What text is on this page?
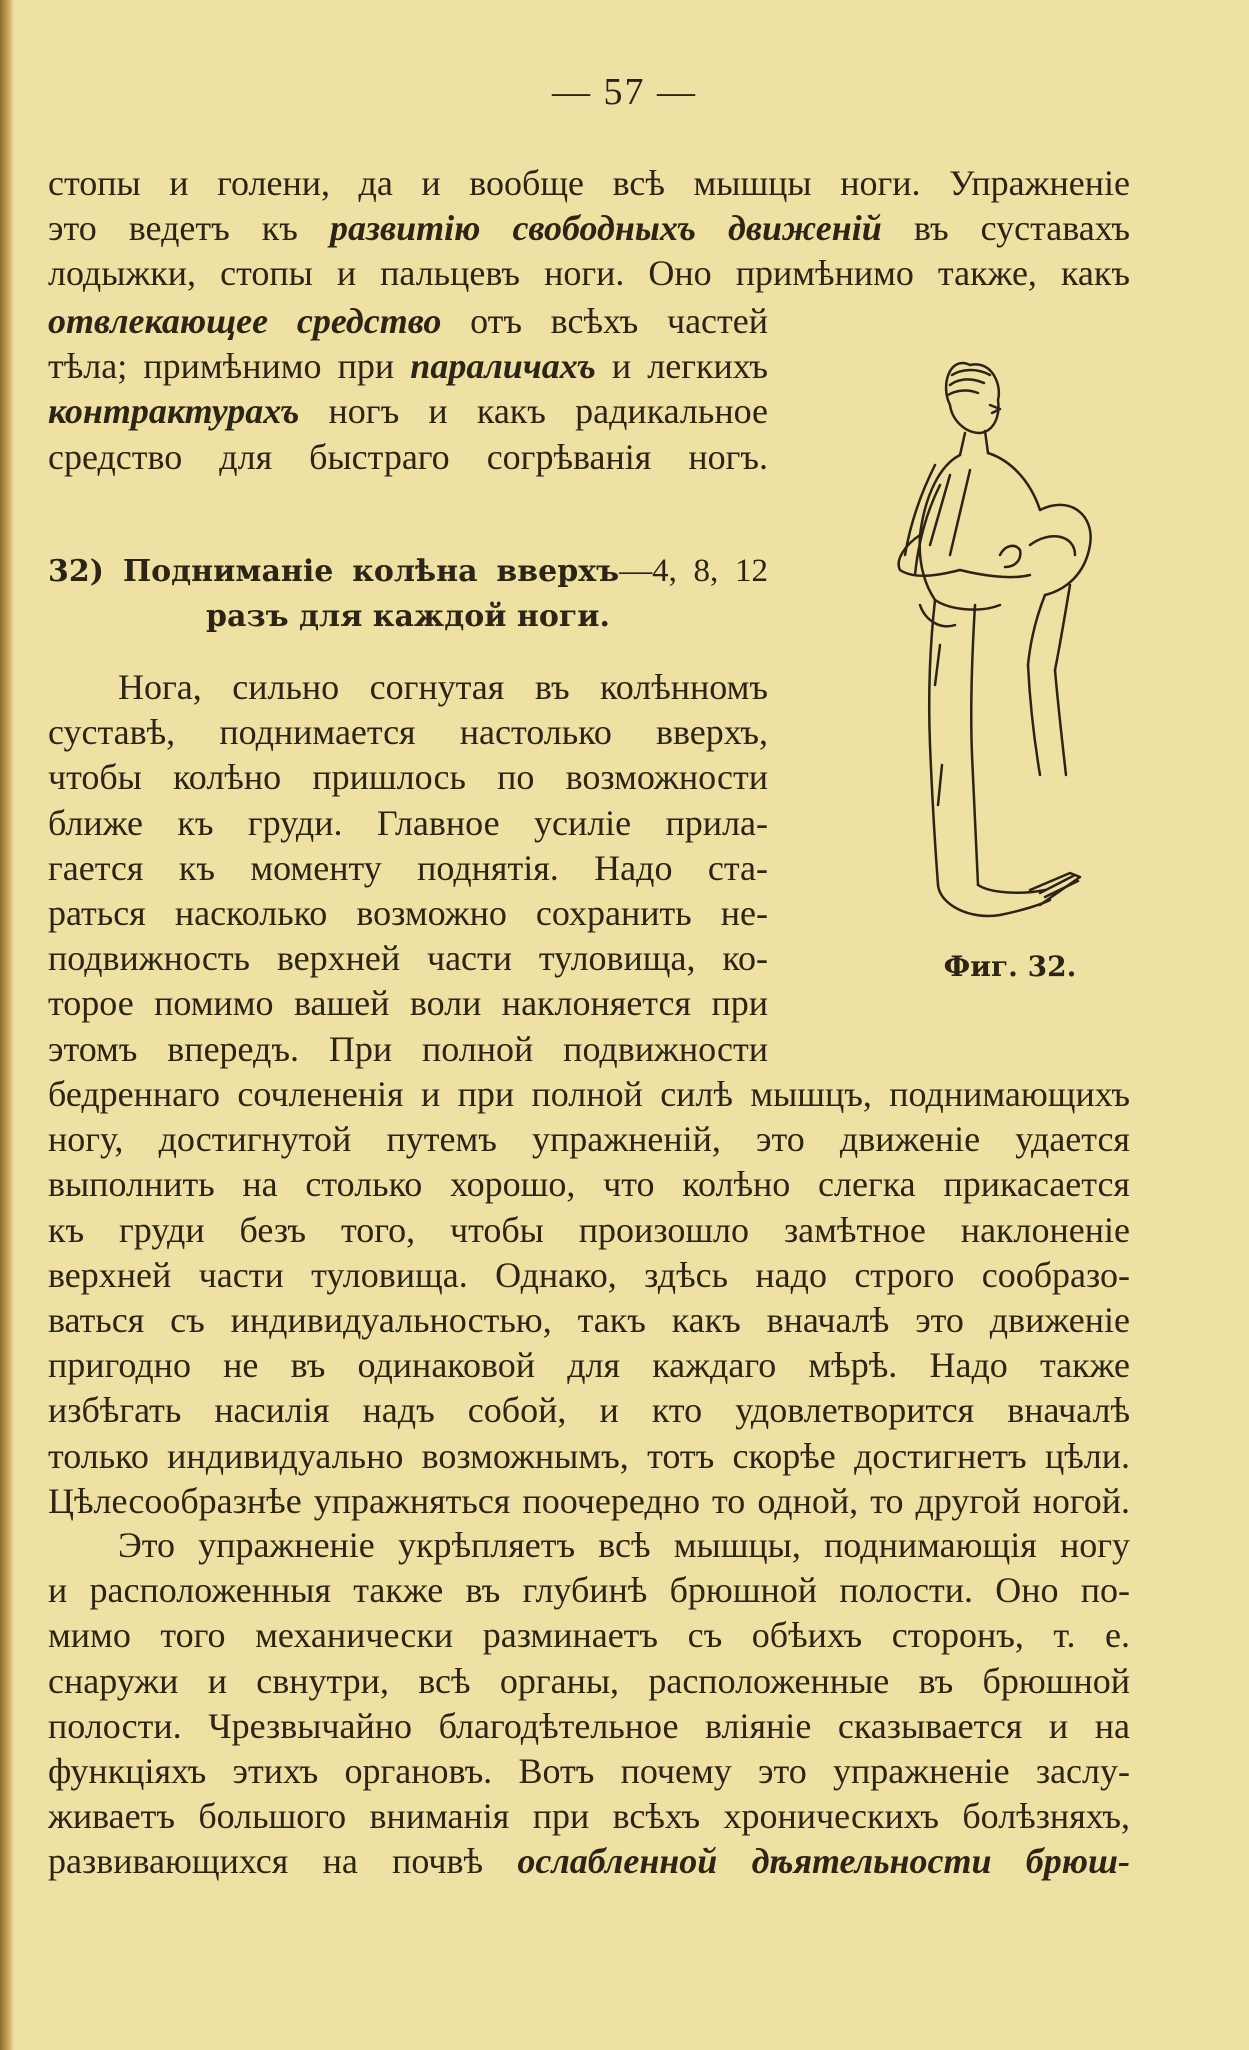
— 57 —
стопы и голени, да и вообще всѣ мышцы ноги. Упражненіе
это ведетъ къ развитію свободныхъ движеній въ суставахъ
лодыжки, стопы и пальцевъ ноги. Оно примѣнимо также, какъ
отвлекающее средство отъ всѣхъ частей
тѣла; примѣнимо при параличахъ и легкихъ
контрактурахъ ногъ и какъ радикальное
средство для быстраго согрѣванія ногъ.
32) Подниманіе колѣна вверхъ—4, 8, 12
разъ для каждой ноги.
Нога, сильно согнутая въ колѣнномъ
суставѣ, поднимается настолько вверхъ,
чтобы колѣно пришлось по возможности
ближе къ груди. Главное усиліе прила-
гается къ моменту поднятія. Надо ста-
раться насколько возможно сохранить не-
подвижность верхней части туловища, ко-
торое помимо вашей воли наклоняется при
этомъ впередъ. При полной подвижности
бедреннаго сочлененія и при полной силѣ мышцъ, поднимающихъ
ногу, достигнутой путемъ упражненій, это движеніе удается
выполнить на столько хорошо, что колѣно слегка прикасается
къ груди безъ того, чтобы произошло замѣтное наклоненіе
верхней части туловища. Однако, здѣсь надо строго сообразо-
ваться съ индивидуальностью, такъ какъ вначалѣ это движеніе
пригодно не въ одинаковой для каждаго мѣрѣ. Надо также
избѣгать насилія надъ собой, и кто удовлетворится вначалѣ
только индивидуально возможнымъ, тотъ скорѣе достигнетъ цѣли.
Цѣлесообразнѣе упражняться поочередно то одной, то другой ногой.
Это упражненіе укрѣпляетъ всѣ мышцы, поднимающія ногу
и расположенныя также въ глубинѣ брюшной полости. Оно по-
мимо того механически разминаетъ съ обѣихъ сторонъ, т. е.
снаружи и свнутри, всѣ органы, расположенные въ брюшной
полости. Чрезвычайно благодѣтельное вліяніе сказывается и на
функціяхъ этихъ органовъ. Вотъ почему это упражненіе заслу-
живаетъ большого вниманія при всѣхъ хроническихъ болѣзняхъ,
развивающихся на почвѣ ослабленной дѣятельности брюш-
Фиг. 32.
